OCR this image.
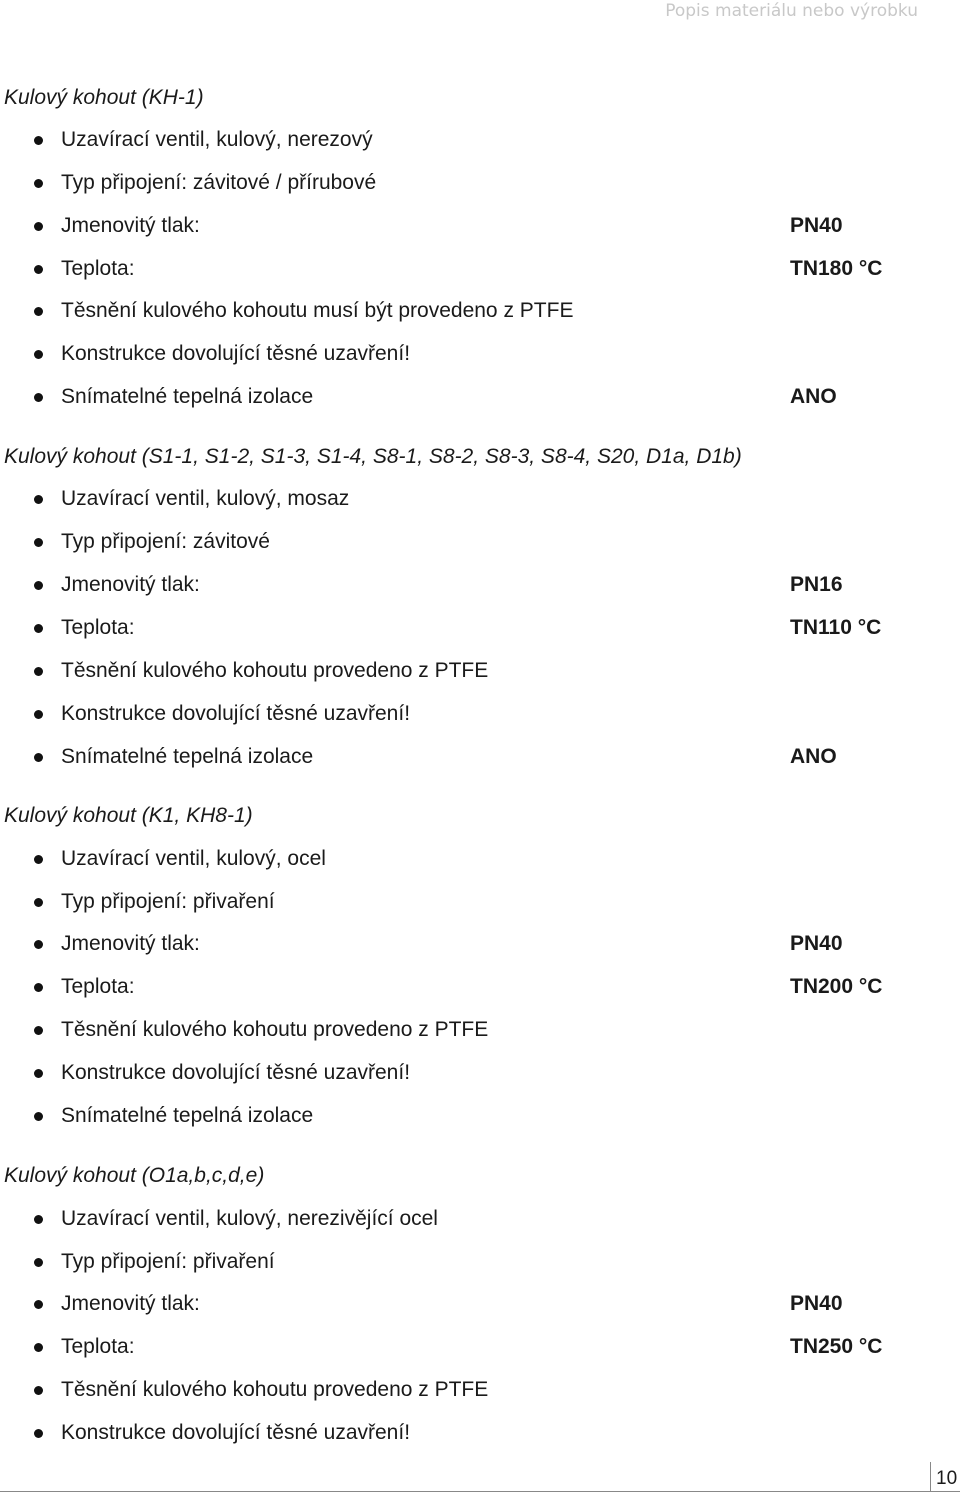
Popis materiálu nebo výrobku
Kulový kohout (KH-1)
Uzavírací ventil, kulový, nerezový
Typ připojení: závitové / přírubové
Jmenovitý tlak:	PN40
Teplota:	TN180 °C
Těsnění kulového kohoutu musí být provedeno z PTFE
Konstrukce dovolující těsné uzavření!
Snímatelné tepelná izolace	ANO
Kulový kohout (S1-1, S1-2, S1-3, S1-4, S8-1, S8-2, S8-3, S8-4, S20, D1a, D1b)
Uzavírací ventil, kulový, mosaz
Typ připojení: závitové
Jmenovitý tlak:	PN16
Teplota:	TN110 °C
Těsnění kulového kohoutu provedeno z PTFE
Konstrukce dovolující těsné uzavření!
Snímatelné tepelná izolace	ANO
Kulový kohout (K1, KH8-1)
Uzavírací ventil, kulový, ocel
Typ připojení: přivaření
Jmenovitý tlak:	PN40
Teplota:	TN200 °C
Těsnění kulového kohoutu provedeno z PTFE
Konstrukce dovolující těsné uzavření!
Snímatelné tepelná izolace
Kulový kohout (O1a,b,c,d,e)
Uzavírací ventil, kulový, nerezivějící ocel
Typ připojení: přivaření
Jmenovitý tlak:	PN40
Teplota:	TN250 °C
Těsnění kulového kohoutu provedeno z PTFE
Konstrukce dovolující těsné uzavření!
10
